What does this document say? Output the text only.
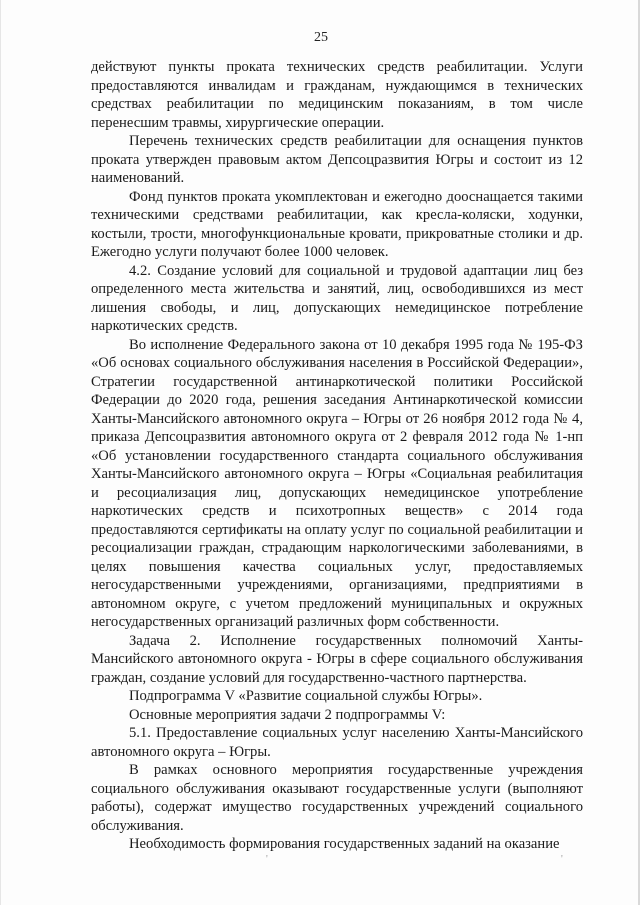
25

действуют пункты проката технических средств реабилитации. Услуги предоставляются инвалидам и гражданам, нуждающимся в технических средствах реабилитации по медицинским показаниям, в том числе перенесшим травмы, хирургические операции.

Перечень технических средств реабилитации для оснащения пунктов проката утвержден правовым актом Депсоцразвития Югры и состоит из 12 наименований.

Фонд пунктов проката укомплектован и ежегодно дооснащается такими техническими средствами реабилитации, как кресла-коляски, ходунки, костыли, трости, многофункциональные кровати, прикроватные столики и др. Ежегодно услуги получают более 1000 человек.

4.2. Создание условий для социальной и трудовой адаптации лиц без определенного места жительства и занятий, лиц, освободившихся из мест лишения свободы, и лиц, допускающих немедицинское потребление наркотических средств.

Во исполнение Федерального закона от 10 декабря 1995 года № 195-ФЗ «Об основах социального обслуживания населения в Российской Федерации», Стратегии государственной антинаркотической политики Российской Федерации до 2020 года, решения заседания Антинаркотической комиссии Ханты-Мансийского автономного округа – Югры от 26 ноября 2012 года № 4, приказа Депсоцразвития автономного округа от 2 февраля 2012 года № 1-нп «Об установлении государственного стандарта социального обслуживания Ханты-Мансийского автономного округа – Югры «Социальная реабилитация и ресоциализация лиц, допускающих немедицинское употребление наркотических средств и психотропных веществ» с 2014 года предоставляются сертификаты на оплату услуг по социальной реабилитации и ресоциализации граждан, страдающим наркологическими заболеваниями, в целях повышения качества социальных услуг, предоставляемых негосударственными учреждениями, организациями, предприятиями в автономном округе, с учетом предложений муниципальных и окружных негосударственных организаций различных форм собственности.

Задача 2. Исполнение государственных полномочий Ханты-Мансийского автономного округа - Югры в сфере социального обслуживания граждан, создание условий для государственно-частного партнерства.

Подпрограмма V «Развитие социальной службы Югры».

Основные мероприятия задачи 2 подпрограммы V:

5.1. Предоставление социальных услуг населению Ханты-Мансийского автономного округа – Югры.

В рамках основного мероприятия государственные учреждения социального обслуживания оказывают государственные услуги (выполняют работы), содержат имущество государственных учреждений социального обслуживания.

Необходимость формирования государственных заданий на оказание

'	'
